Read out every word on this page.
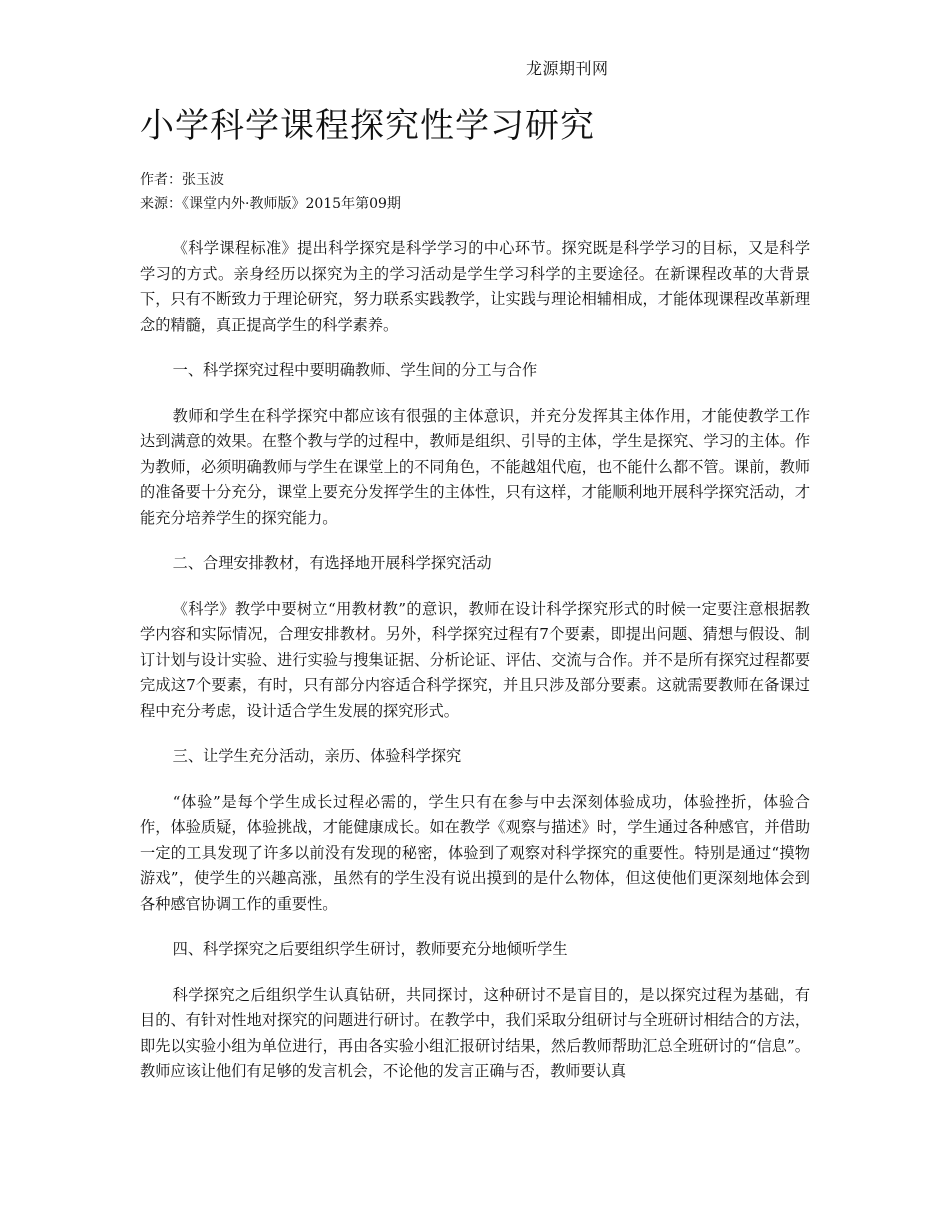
龙源期刊网
小学科学课程探究性学习研究
作者：张玉波
来源：《课堂内外·教师版》2015年第09期

《科学课程标准》提出科学探究是科学学习的中心环节。探究既是科学学习的目标，又是科学学习的方式。亲身经历以探究为主的学习活动是学生学习科学的主要途径。在新课程改革的大背景下，只有不断致力于理论研究，努力联系实践教学，让实践与理论相辅相成，才能体现课程改革新理念的精髓，真正提高学生的科学素养。

一、科学探究过程中要明确教师、学生间的分工与合作

教师和学生在科学探究中都应该有很强的主体意识，并充分发挥其主体作用，才能使教学工作达到满意的效果。在整个教与学的过程中，教师是组织、引导的主体，学生是探究、学习的主体。作为教师，必须明确教师与学生在课堂上的不同角色，不能越俎代庖，也不能什么都不管。课前，教师的准备要十分充分，课堂上要充分发挥学生的主体性，只有这样，才能顺利地开展科学探究活动，才能充分培养学生的探究能力。

二、合理安排教材，有选择地开展科学探究活动

《科学》教学中要树立“用教材教”的意识，教师在设计科学探究形式的时候一定要注意根据教学内容和实际情况，合理安排教材。另外，科学探究过程有7个要素，即提出问题、猜想与假设、制订计划与设计实验、进行实验与搜集证据、分析论证、评估、交流与合作。并不是所有探究过程都要完成这7个要素，有时，只有部分内容适合科学探究，并且只涉及部分要素。这就需要教师在备课过程中充分考虑，设计适合学生发展的探究形式。

三、让学生充分活动，亲历、体验科学探究

“体验”是每个学生成长过程必需的，学生只有在参与中去深刻体验成功，体验挫折，体验合作，体验质疑，体验挑战，才能健康成长。如在教学《观察与描述》时，学生通过各种感官，并借助一定的工具发现了许多以前没有发现的秘密，体验到了观察对科学探究的重要性。特别是通过“摸物游戏”，使学生的兴趣高涨，虽然有的学生没有说出摸到的是什么物体，但这使他们更深刻地体会到各种感官协调工作的重要性。

四、科学探究之后要组织学生研讨，教师要充分地倾听学生

科学探究之后组织学生认真钻研，共同探讨，这种研讨不是盲目的，是以探究过程为基础，有目的、有针对性地对探究的问题进行研讨。在教学中，我们采取分组研讨与全班研讨相结合的方法，即先以实验小组为单位进行，再由各实验小组汇报研讨结果，然后教师帮助汇总全班研讨的“信息”。教师应该让他们有足够的发言机会，不论他的发言正确与否，教师要认真
